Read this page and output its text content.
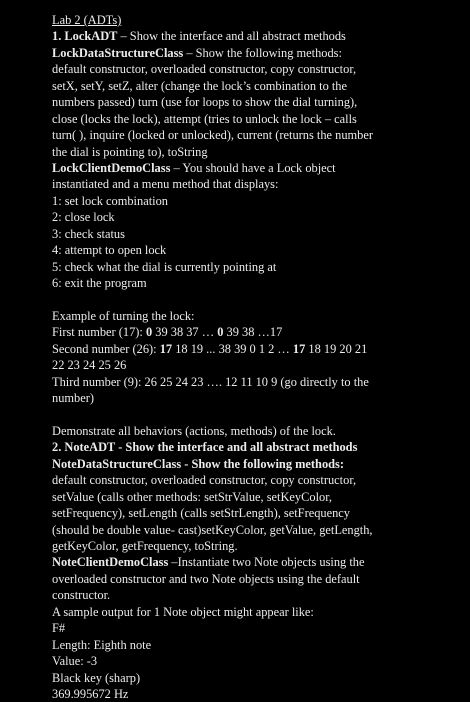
Lab 2 (ADTs)
1. LockADT – Show the interface and all abstract methods
LockDataStructureClass – Show the following methods:
default constructor, overloaded constructor, copy constructor,
setX, setY, setZ, alter (change the lock’s combination to the
numbers passed) turn (use for loops to show the dial turning),
close (locks the lock), attempt (tries to unlock the lock – calls
turn( ), inquire (locked or unlocked), current (returns the number
the dial is pointing to), toString
LockClientDemoClass – You should have a Lock object
instantiated and a menu method that displays:
1: set lock combination
2: close lock
3: check status
4: attempt to open lock
5: check what the dial is currently pointing at
6: exit the program
Example of turning the lock:
First number (17): 0 39 38 37 … 0 39 38 …17
Second number (26): 17 18 19 ... 38 39 0 1 2 … 17 18 19 20 21
22 23 24 25 26
Third number (9): 26 25 24 23 …. 12 11 10 9 (go directly to the
number)
Demonstrate all behaviors (actions, methods) of the lock.
2. NoteADT - Show the interface and all abstract methods
NoteDataStructureClass - Show the following methods:
default constructor, overloaded constructor, copy constructor,
setValue (calls other methods: setStrValue, setKeyColor,
setFrequency), setLength (calls setStrLength), setFrequency
(should be double value- cast)setKeyColor, getValue, getLength,
getKeyColor, getFrequency, toString.
NoteClientDemoClass –Instantiate two Note objects using the
overloaded constructor and two Note objects using the default
constructor.
A sample output for 1 Note object might appear like:
F#
Length: Eighth note
Value: -3
Black key (sharp)
369.995672 Hz
